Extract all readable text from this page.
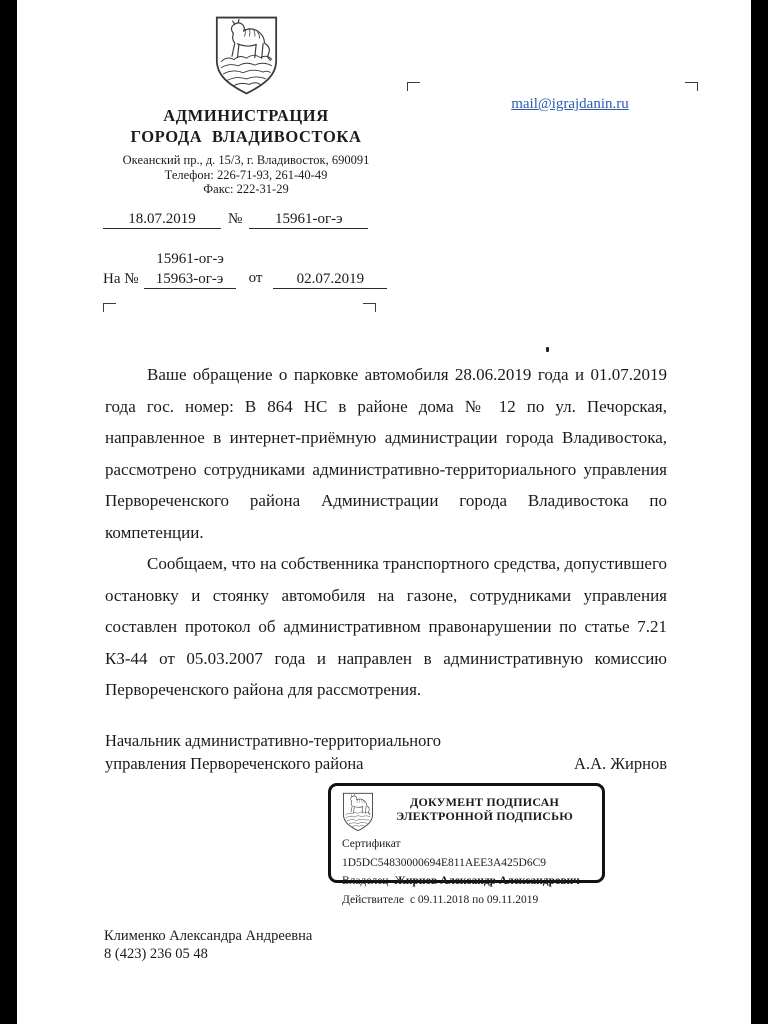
АДМИНИСТРАЦИЯ
ГОРОДА ВЛАДИВОСТОКА
Океанский пр., д. 15/3, г. Владивосток, 690091
Телефон: 226-71-93, 261-40-49
Факс: 222-31-29
mail@igrajdanin.ru
18.07.2019	№	15961-ог-э
15961-ог-э
На №	15963-ог-э	от	02.07.2019

Ваше обращение о парковке автомобиля 28.06.2019 года и 01.07.2019 года гос. номер: В 864 НС в районе дома № 12 по ул. Печорская, направленное в интернет-приёмную администрации города Владивостока, рассмотрено сотрудниками административно-территориального управления Первореченского района Администрации города Владивостока по компетенции.

Сообщаем, что на собственника транспортного средства, допустившего остановку и стоянку автомобиля на газоне, сотрудниками управления составлен протокол об административном правонарушении по статье 7.21 КЗ-44 от 05.03.2007 года и направлен в административную комиссию Первореченского района для рассмотрения.

Начальник административно-территориального
управления Первореченского района	А.А. Жирнов
ДОКУМЕНТ ПОДПИСАН
ЭЛЕКТРОННОЙ ПОДПИСЬЮ
Сертификат1D5DC54830000694E811AEE3A425D6C9
Владелец Жирнов Александр Александрович
Действителе с 09.11.2018 по 09.11.2019
Клименко Александра Андреевна
8 (423) 236 05 48
